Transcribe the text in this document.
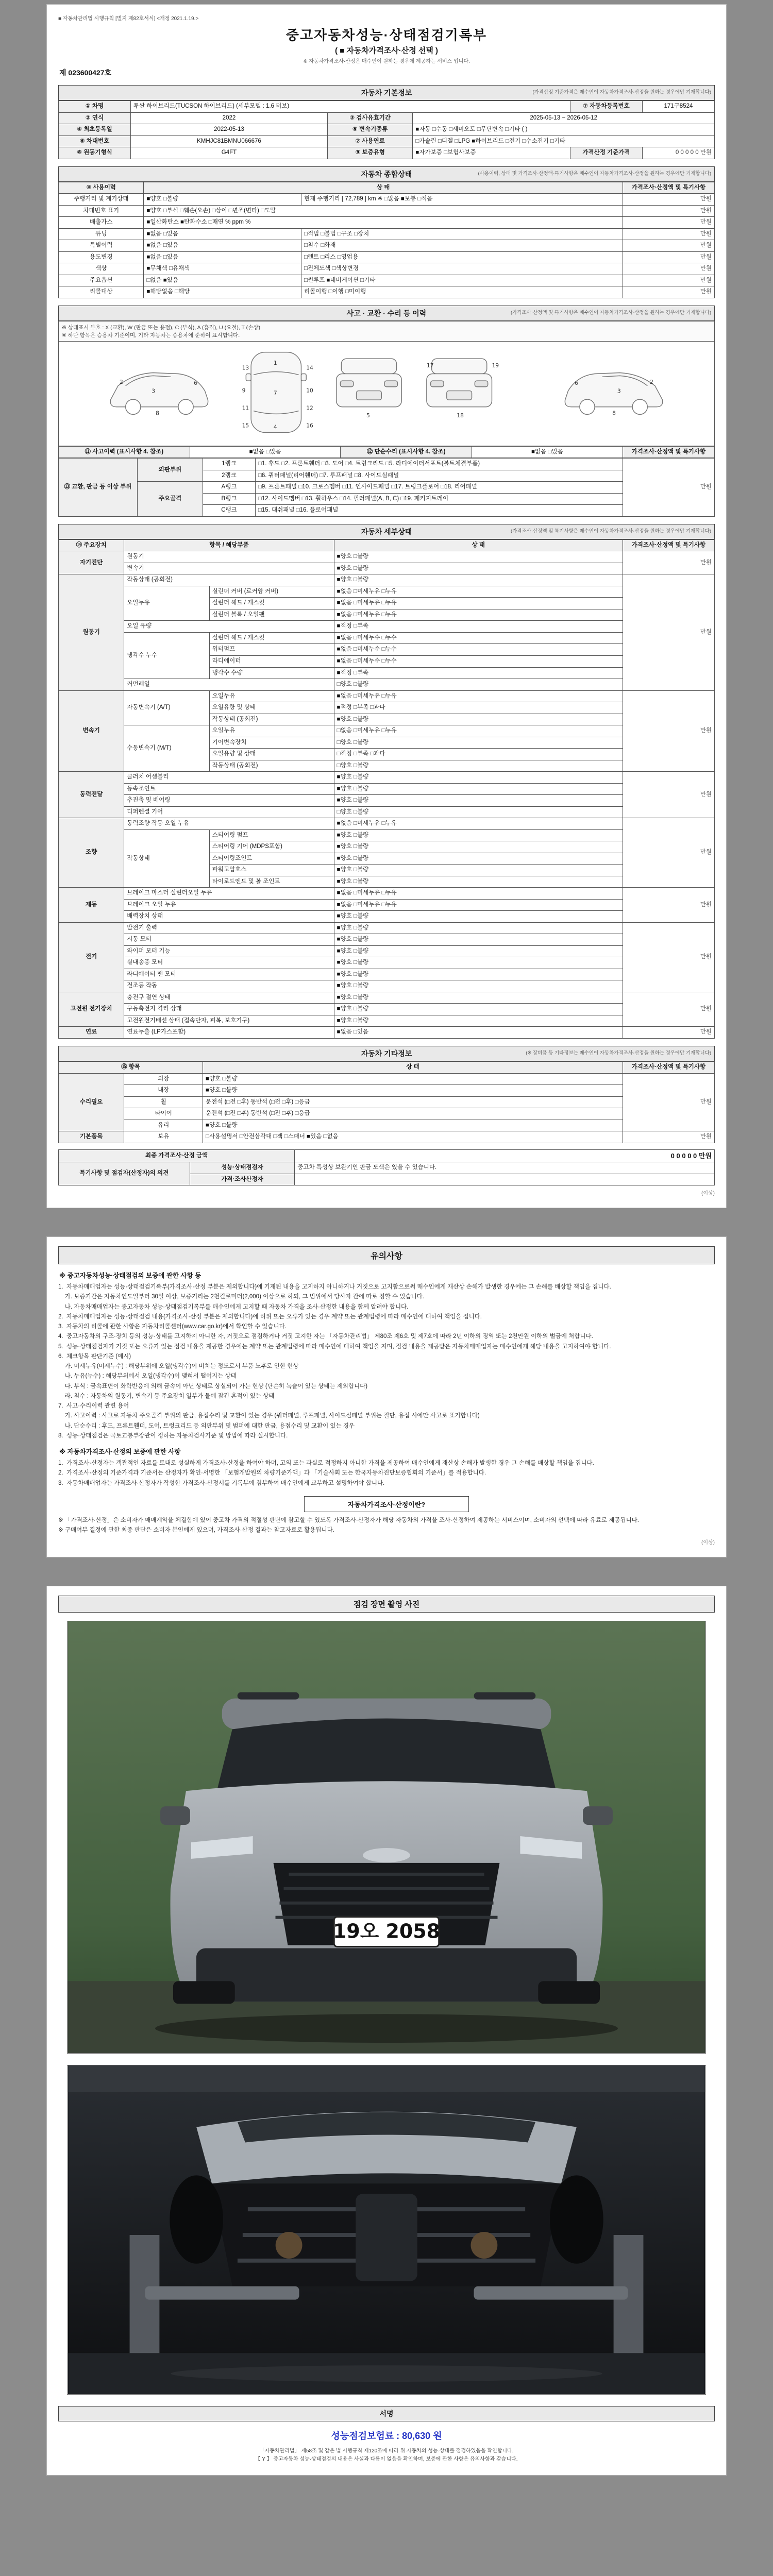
■ 자동차관리법 시행규칙 [별지 제82호서식] <개정 2021.1.19.>
중고자동차성능·상태점검기록부
( ■ 자동차가격조사·산정 선택 )
※ 자동차가격조사·산정은 매수인이 원하는 경우에 제공하는 서비스 입니다.
제 023600427호
자동차 기본정보	(가격산정 기준가격은 매수인이 자동차가격조사·산정을 원하는 경우에만 기재합니다)
① 차명	투싼 하이브리드(TUCSON 하이브리드) (세부모델 : 1.6 터보)			⑦ 자동차등록번호	171구8524
② 연식	2022	③ 검사유효기간	2025-05-13 ~ 2026-05-12		
④ 최초등록일	2022-05-13	⑤ 변속기종류	■자동 □수동 □세미오토 □무단변속 □기타 ( )		
⑥ 차대번호	KMHJC81BMNU066676	⑦ 사용연료	□가솔린 □디젤 □LPG ■하이브리드 □전기 □수소전기 □기타		
⑧ 원동기형식	G4FT	⑨ 보증유형	■자가보증 □보험사보증	가격산정 기준가격	0 0 0 0 0 만원
자동차 종합상태	(사용이력, 상태 및 가격조사·산정액·특기사항은 매수인이 자동차가격조사·산정을 원하는 경우에만 기재합니다)
⑩ 사용이력	상 태		가격조사·산정액 및 특기사항
주행거리 및 계기상태	■양호 □불량	현재 주행거리 [ 72,789 ] km ※ □많음 ■보통 □적음	만원
차대번호 표기	■양호 □부식 □훼손(오손) □상이 □변조(변타) □도말		만원
배출가스	■일산화탄소 ■탄화수소 □매연 % ppm %		만원
튜닝	■없음 □있음	□적법 □불법 □구조 □장치	만원
특별이력	■없음 □있음	□침수 □화재	만원
용도변경	■없음 □있음	□렌트 □리스 □영업용	만원
색상	■무채색 □유채색	□전체도색 □색상변경	만원
주요옵션	□없음 ■있음	□썬루프 ■네비게이션 □기타	만원
리콜대상	■해당없음 □해당	리콜이행 □이행 □미이행	만원
사고 · 교환 · 수리 등 이력	(가격조사·산정액 및 특기사항은 매수인이 자동차가격조사·산정을 원하는 경우에만 기재합니다)
※ 상태표시 부호 : X (교환), W (판금 또는 용접), C (부식), A (흠집), U (요철), T (손상)
※ 하단 항목은 승용차 기준이며, 기타 자동차는 승용차에 준하여 표시합니다.
2
3
6
8
1
7
4
9	10
11	12
13	14
15	16
5	18
17	19
2
3
6
8
⑪ 사고이력 (표시사항 4. 참조)	■없음 □있음	⑫ 단순수리 (표시사항 4. 참조)	■없음 □있음	가격조사·산정액 및 특기사항
⑬ 교환, 판금 등 이상 부위	외판부위	1랭크	□1. 후드 □2. 프론트휀더 □3. 도어 □4. 트렁크리드 □5. 라디에이터서포트(볼트체결부품)	만원
		2랭크	□6. 쿼터패널(리어휀더) □7. 루프패널 □8. 사이드실패널	
	주요골격	A랭크	□9. 프론트패널 □10. 크로스멤버 □11. 인사이드패널 □17. 트렁크플로어 □18. 리어패널	
		B랭크	□12. 사이드멤버 □13. 휠하우스 □14. 필러패널(A, B, C) □19. 패키지트레이	
		C랭크	□15. 대쉬패널 □16. 플로어패널	
자동차 세부상태	(가격조사·산정액 및 특기사항은 매수인이 자동차가격조사·산정을 원하는 경우에만 기재합니다)
⑭ 주요장치	항목 / 해당부품		상 태	가격조사·산정액 및 특기사항
자기진단	원동기		■양호 □불량	만원
	변속기		■양호 □불량	
원동기	작동상태 (공회전)		■양호 □불량	만원
	오일누유	실린더 커버 (로커암 커버)	■없음 □미세누유 □누유	
		실린더 헤드 / 개스킷	■없음 □미세누유 □누유	
		실린더 블록 / 오일팬	■없음 □미세누유 □누유	
	오일 유량		■적정 □부족	
	냉각수 누수	실린더 헤드 / 개스킷	■없음 □미세누수 □누수	
		워터펌프	■없음 □미세누수 □누수	
		라디에이터	■없음 □미세누수 □누수	
		냉각수 수량	■적정 □부족	
	커먼레일		□양호 □불량	
변속기	자동변속기 (A/T)	오일누유	■없음 □미세누유 □누유	만원
		오일유량 및 상태	■적정 □부족 □과다	
		작동상태 (공회전)	■양호 □불량	
	수동변속기 (M/T)	오일누유	□없음 □미세누유 □누유	
		기어변속장치	□양호 □불량	
		오일유량 및 상태	□적정 □부족 □과다	
		작동상태 (공회전)	□양호 □불량	
동력전달	클러치 어셈블리		■양호 □불량	만원
	등속조인트		■양호 □불량	
	추진축 및 베어링		■양호 □불량	
	디퍼렌셜 기어		□양호 □불량	
조향	동력조향 작동 오일 누유		■없음 □미세누유 □누유	만원
	작동상태	스티어링 펌프	■양호 □불량	
		스티어링 기어 (MDPS포함)	■양호 □불량	
		스티어링조인트	■양호 □불량	
		파워고압호스	■양호 □불량	
		타이로드엔드 및 볼 조인트	■양호 □불량	
제동	브레이크 마스터 실린더오일 누유		■없음 □미세누유 □누유	만원
	브레이크 오일 누유		■없음 □미세누유 □누유	
	배력장치 상태		■양호 □불량	
전기	발전기 출력		■양호 □불량	만원
	시동 모터		■양호 □불량	
	와이퍼 모터 기능		■양호 □불량	
	실내송풍 모터		■양호 □불량	
	라디에이터 팬 모터		■양호 □불량	
	전조등 작동		■양호 □불량	
고전원 전기장치	충전구 절연 상태		■양호 □불량	만원
	구동축전지 격리 상태		■양호 □불량	
	고전원전기배선 상태 (접속단자, 피복, 보호기구)		■양호 □불량	
연료	연료누출 (LP가스포함)		■없음 □있음	만원
자동차 기타정보	(※ 장비품 등 기타정보는 매수인이 자동차가격조사·산정을 원하는 경우에만 기재합니다)
⑮ 항목		상 태	가격조사·산정액 및 특기사항
수리필요	외장	■양호 □불량	만원
	내장	■양호 □불량	
	휠	운전석 (□전 □후) 동반석 (□전 □후) □응급	
	타이어	운전석 (□전 □후) 동반석 (□전 □후) □응급	
	유리	■양호 □불량	
기본품목	보유	□사용설명서 □안전삼각대 □잭 □스패너 ■있음 □없음	만원
최종 가격조사·산정 금액		0 0 0 0 0 만원
특기사항 및 점검자(산정자)의 의견	성능·상태점검자	중고차 특성상 보완기인 판금 도색은 있을 수 있습니다.
	가격·조사산정자	
(이상)
유의사항
※ 중고자동차성능·상태점검의 보증에 관한 사항 등
1.  자동차매매업자는 성능·상태점검기록부(가격조사·산정 부분은 제외합니다)에 기재된 내용을 고지하지 아니하거나 거짓으로 고지함으로써 매수인에게 재산상 손해가 발생한 경우에는 그 손해를 배상할 책임을 집니다.
가. 보증기간은 자동차인도일부터 30일 이상, 보증거리는 2천킬로미터(2,000) 이상으로 하되, 그 범위에서 당사자 간에 따로 정할 수 있습니다.
나. 자동차매매업자는 중고자동차 성능·상태점검기록부를 매수인에게 고지할 때 자동차 가격을 조사·산정한 내용을 함께 알려야 합니다.
2.  자동차매매업자는 성능·상태점검 내용(가격조사·산정 부분은 제외합니다)에 허위 또는 오류가 있는 경우 계약 또는 관계법령에 따라 매수인에 대하여 책임을 집니다.
3.  자동차의 리콜에 관한 사항은 자동차리콜센터(www.car.go.kr)에서 확인할 수 있습니다.
4.  중고자동차의 구조·장치 등의 성능·상태를 고지하지 아니한 자, 거짓으로 점검하거나 거짓 고지한 자는 「자동차관리법」 제80조 제6호 및 제7호에 따라 2년 이하의 징역 또는 2천만원 이하의 벌금에 처합니다.
5.  성능·상태점검자가 거짓 또는 오류가 있는 점검 내용을 제공한 경우에는 계약 또는 관계법령에 따라 매수인에 대하여 책임을 지며, 점검 내용을 제공받은 자동차매매업자는 매수인에게 해당 내용을 고지하여야 합니다.
6.  체크항목 판단기준 (예시)
가. 미세누유(미세누수) : 해당부위에 오일(냉각수)이 비치는 정도로서 부품 노후로 인한 현상
나. 누유(누수) : 해당부위에서 오일(냉각수)이 맺혀서 떨어지는 상태
다. 부식 : 금속표면이 화학반응에 의해 금속이 아닌 상태로 상실되어 가는 현상 (단순히 녹슬어 있는 상태는 제외합니다)
라. 침수 : 자동차의 원동기, 변속기 등 주요장치 일부가 물에 잠긴 흔적이 있는 상태
7.  사고·수리이력 관련 용어
가. 사고이력 : 사고로 자동차 주요골격 부위의 판금, 용접수리 및 교환이 있는 경우 (쿼터패널, 루프패널, 사이드실패널 부위는 절단, 용접 시에만 사고로 표기합니다)
나. 단순수리 : 후드, 프론트휀더, 도어, 트렁크리드 등 외판부위 및 범퍼에 대한 판금, 용접수리 및 교환이 있는 경우
8.  성능·상태점검은 국토교통부장관이 정하는 자동차검사기준 및 방법에 따라 실시합니다.
※ 자동차가격조사·산정의 보증에 관한 사항
1.  가격조사·산정자는 객관적인 자료를 토대로 성실하게 가격조사·산정을 하여야 하며, 고의 또는 과실로 적정하지 아니한 가격을 제공하여 매수인에게 재산상 손해가 발생한 경우 그 손해를 배상할 책임을 집니다.
2.  가격조사·산정의 기준가격과 기준서는 산정자가 확인·서명한 「보험개발원의 차량기준가액」과 「기술사회 또는 한국자동차진단보증협회의 기준서」를 적용합니다.
3.  자동차매매업자는 가격조사·산정자가 작성한 가격조사·산정서를 기록부에 첨부하여 매수인에게 교부하고 설명하여야 합니다.
자동차가격조사·산정이란?
※ 「가격조사·산정」은 소비자가 매매계약을 체결함에 있어 중고차 가격의 적절성 판단에 참고할 수 있도록 가격조사·산정자가 해당 자동차의 가격을 조사·산정하여 제공하는 서비스이며, 소비자의 선택에 따라 유료로 제공됩니다.
※ 구매여부 결정에 관한 최종 판단은 소비자 본인에게 있으며, 가격조사·산정 결과는 참고자료로 활용됩니다.
(이상)
점검 장면 촬영 사진
19오 2058
서명
성능점검보험료 : 80,630 원
「자동차관리법」 제58조 및 같은 법 시행규칙 제120조에 따라 위 자동차의 성능·상태를 점검하였음을 확인합니다.
【 Y 】 중고자동차 성능·상태점검의 내용은 사실과 다름이 없음을 확인하며, 보증에 관한 사항은 유의사항과 같습니다.
